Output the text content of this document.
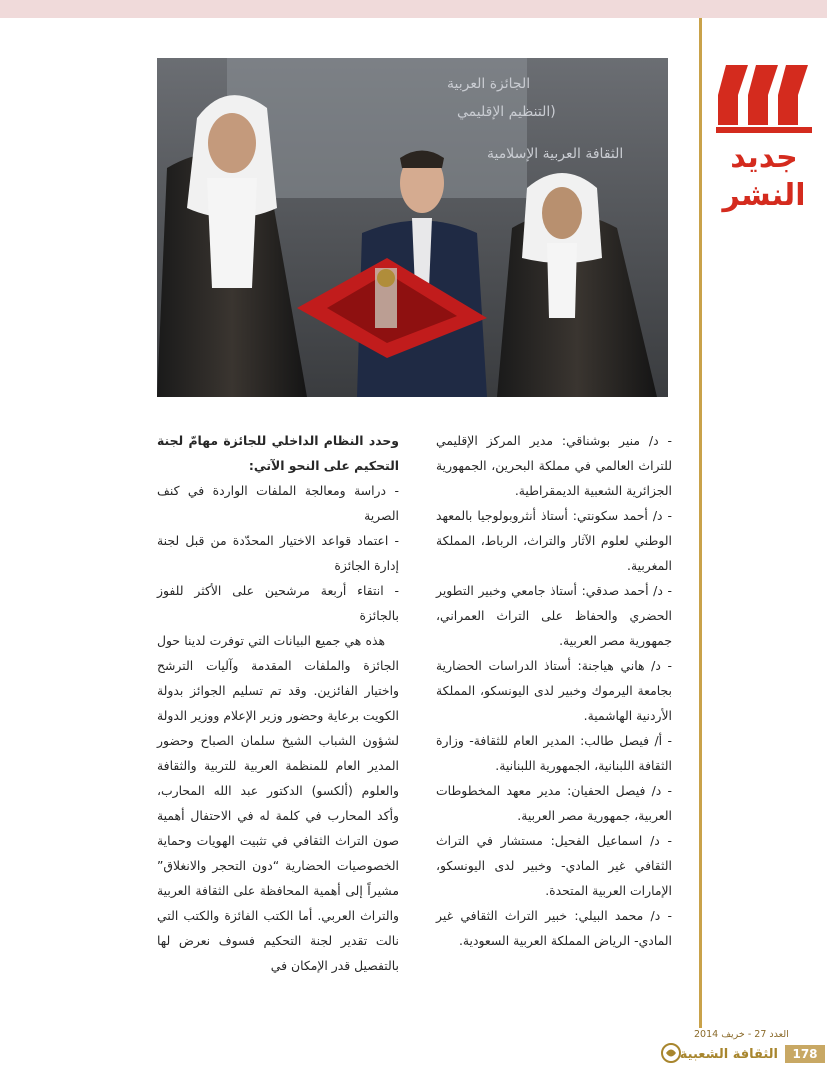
الجائزة العربية
(التنظيم الإقليمي
الثقافة العربية الإسلامية	جديد
النشر

- د/ منير بوشناقي: مدير المركز الإقليمي للتراث العالمي في مملكة البحرين، الجمهورية الجزائرية الشعبية الديمقراطية.

- د/ أحمد سكونتي: أستاذ أنثروبولوجيا بالمعهد الوطني لعلوم الآثار والتراث، الرباط، المملكة المغربية.

- د/ أحمد صدقي: أستاذ جامعي وخبير التطوير الحضري والحفاظ على التراث العمراني، جمهورية مصر العربية.

- د/ هاني هياجنة: أستاذ الدراسات الحضارية بجامعة اليرموك وخبير لدى اليونسكو، المملكة الأردنية الهاشمية.

- أ/ فيصل طالب: المدير العام للثقافة- وزارة الثقافة اللبنانية، الجمهورية اللبنانية.

- د/ فيصل الحفيان: مدير معهد المخطوطات العربية، جمهورية مصر العربية.

- د/ اسماعيل الفحيل: مستشار في التراث الثقافي غير المادي- وخبير لدى اليونسكو، الإمارات العربية المتحدة.

- د/ محمد البيلي: خبير التراث الثقافي غير المادي- الرياض المملكة العربية السعودية.

وحدد النظام الداخلي للجائزة مهامّ لجنة التحكيم على النحو الآتي:

- دراسة ومعالجة الملفات الواردة في كنف الصرية

- اعتماد قواعد الاختيار المحدّدة من قبل لجنة إدارة الجائزة

- انتقاء أربعة مرشحين على الأكثر للفوز بالجائزة

هذه هي جميع البيانات التي توفرت لدينا حول الجائزة والملفات المقدمة وآليات الترشح واختيار الفائزين. وقد تم تسليم الجوائز بدولة الكويت برعاية وحضور وزير الإعلام ووزير الدولة لشؤون الشباب الشيخ سلمان الصباح وحضور المدير العام للمنظمة العربية للتربية والثقافة والعلوم (ألكسو) الدكتور عبد الله المحارب، وأكد المحارب في كلمة له في الاحتفال أهمية صون التراث الثقافي في تثبيت الهويات وحماية الخصوصيات الحضارية “دون التحجر والانغلاق” مشيراً إلى أهمية المحافظة على الثقافة العربية والتراث العربي. أما الكتب الفائزة والكتب التي نالت تقدير لجنة التحكيم فسوف نعرض لها بالتفصيل قدر الإمكان في

العدد 27 - خريف 2014
الثقافة الشعبية	178
